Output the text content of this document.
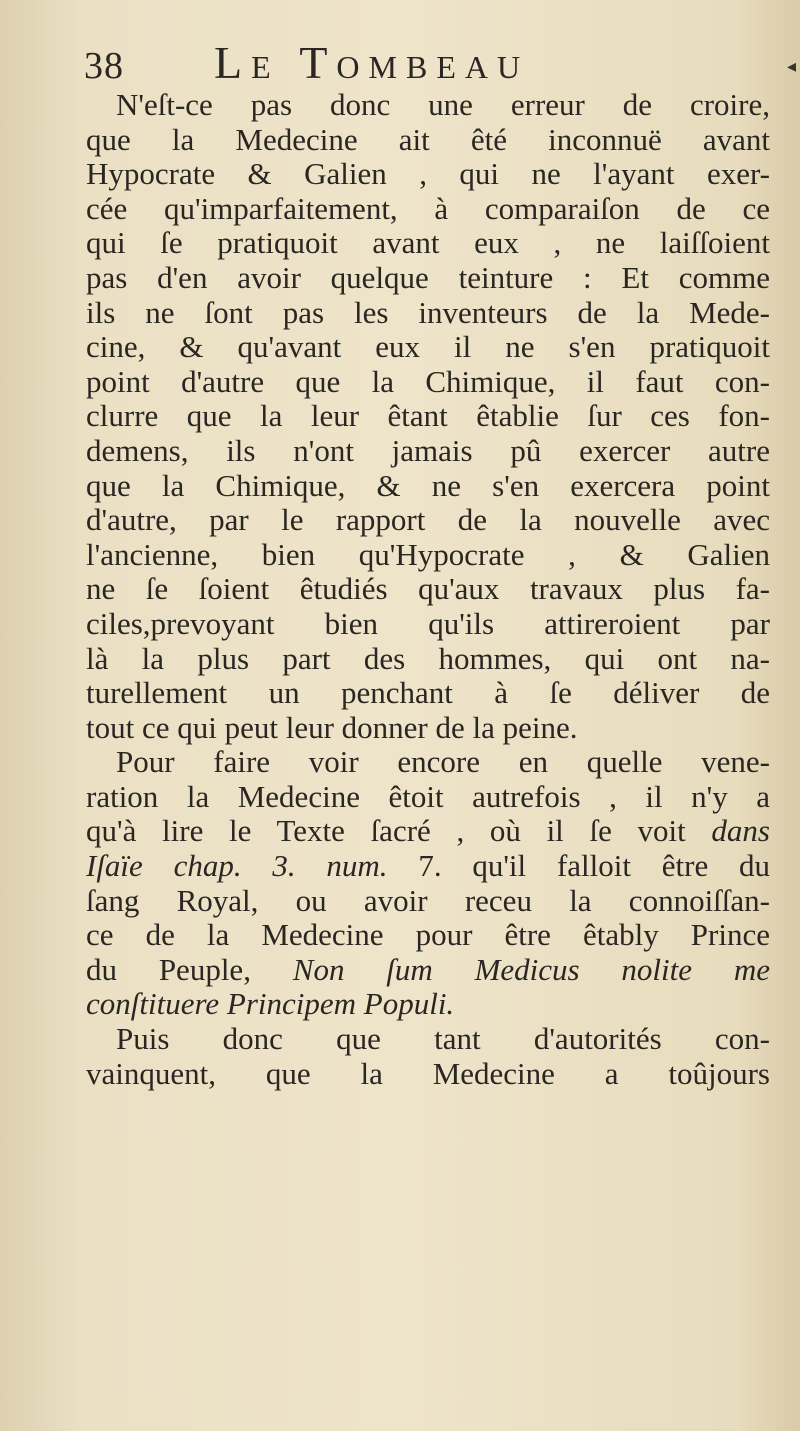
38	Le Tombeau	◂
N'eſt-ce pas donc une erreur de croire,
que la Medecine ait êté inconnuë avant
Hypocrate & Galien , qui ne l'ayant exer-
cée qu'imparfaitement, à comparaiſon de ce
qui ſe pratiquoit avant eux , ne laiſſoient
pas d'en avoir quelque teinture : Et comme
ils ne ſont pas les inventeurs de la Mede-
cine, & qu'avant eux il ne s'en pratiquoit
point d'autre que la Chimique, il faut con-
clurre que la leur êtant êtablie ſur ces fon-
demens, ils n'ont jamais pû exercer autre
que la Chimique, & ne s'en exercera point
d'autre, par le rapport de la nouvelle avec
l'ancienne, bien qu'Hypocrate , & Galien
ne ſe ſoient êtudiés qu'aux travaux plus fa-
ciles,prevoyant bien qu'ils attireroient par
là la plus part des hommes, qui ont na-
turellement un penchant à ſe déliver de
tout ce qui peut leur donner de la peine.
Pour faire voir encore en quelle vene-
ration la Medecine êtoit autrefois , il n'y a
qu'à lire le Texte ſacré , où il ſe voit dans
Iſaïe chap. 3. num. 7. qu'il falloit être du
ſang Royal, ou avoir receu la connoiſſan-
ce de la Medecine pour être êtably Prince
du Peuple, Non ſum Medicus nolite me
conſtituere Principem Populi.
Puis donc que tant d'autorités con-
vainquent, que la Medecine a toûjours
